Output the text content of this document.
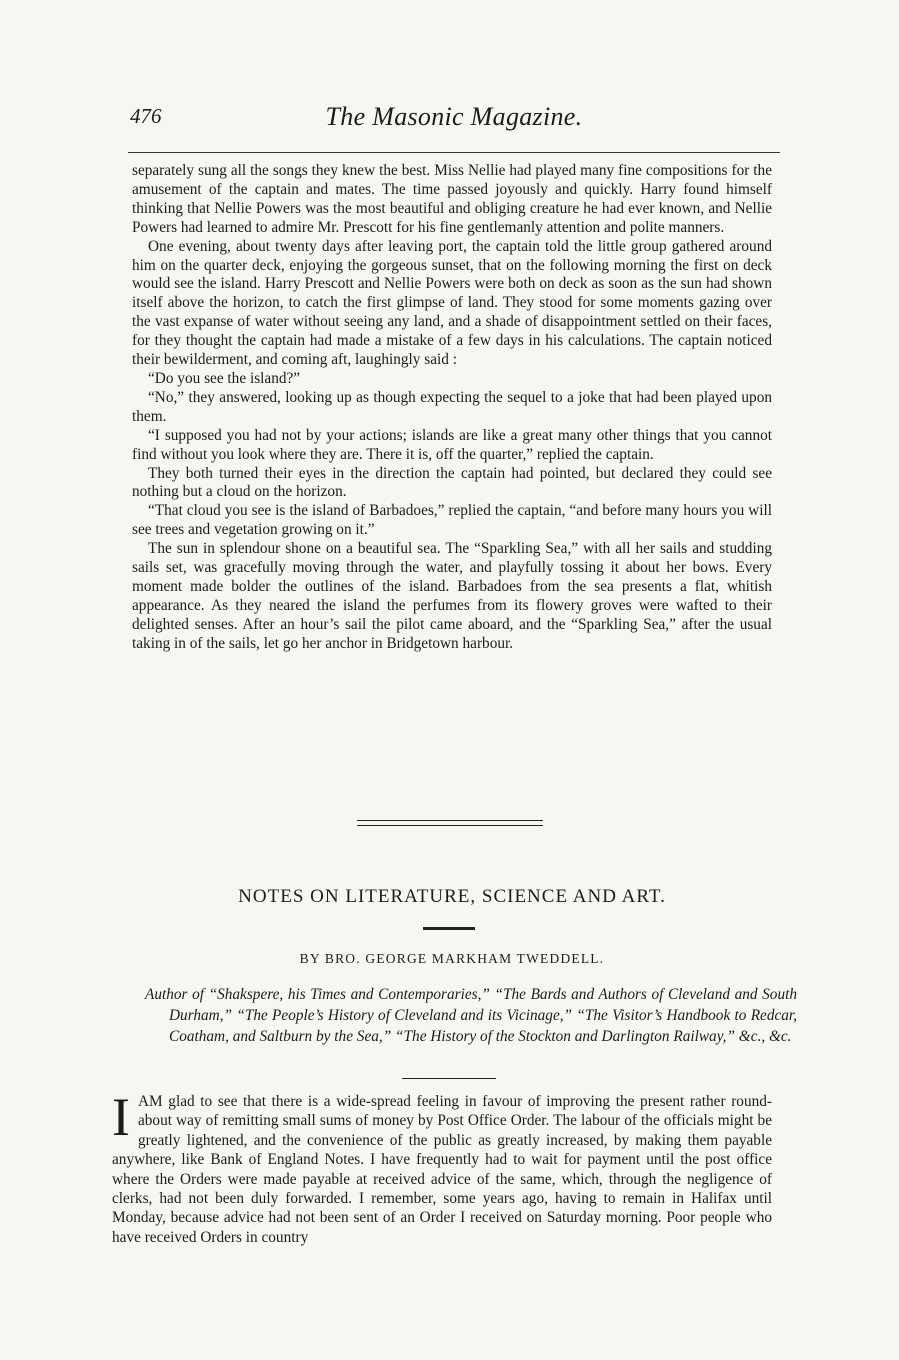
476	The Masonic Magazine.

separately sung all the songs they knew the best. Miss Nellie had played many fine compositions for the amusement of the captain and mates. The time passed joyously and quickly. Harry found himself thinking that Nellie Powers was the most beautiful and obliging creature he had ever known, and Nellie Powers had learned to admire Mr. Prescott for his fine gentlemanly attention and polite manners.

One evening, about twenty days after leaving port, the captain told the little group gathered around him on the quarter deck, enjoying the gorgeous sunset, that on the following morning the first on deck would see the island. Harry Prescott and Nellie Powers were both on deck as soon as the sun had shown itself above the horizon, to catch the first glimpse of land. They stood for some moments gazing over the vast expanse of water without seeing any land, and a shade of disappointment settled on their faces, for they thought the captain had made a mistake of a few days in his calculations. The captain noticed their bewilderment, and coming aft, laughingly said :

“Do you see the island?”

“No,” they answered, looking up as though expecting the sequel to a joke that had been played upon them.

“I supposed you had not by your actions; islands are like a great many other things that you cannot find without you look where they are. There it is, off the quarter,” replied the captain.

They both turned their eyes in the direction the captain had pointed, but declared they could see nothing but a cloud on the horizon.

“That cloud you see is the island of Barbadoes,” replied the captain, “and before many hours you will see trees and vegetation growing on it.”

The sun in splendour shone on a beautiful sea. The “Sparkling Sea,” with all her sails and studding sails set, was gracefully moving through the water, and playfully tossing it about her bows. Every moment made bolder the outlines of the island. Barbadoes from the sea presents a flat, whitish appearance. As they neared the island the perfumes from its flowery groves were wafted to their delighted senses. After an hour’s sail the pilot came aboard, and the “Sparkling Sea,” after the usual taking in of the sails, let go her anchor in Bridgetown harbour.

NOTES ON LITERATURE, SCIENCE AND ART.
BY BRO. GEORGE MARKHAM TWEDDELL.
Author of “Shakspere, his Times and Contemporaries,” “The Bards and Authors of Cleveland and South Durham,” “The People’s History of Cleveland and its Vicinage,” “The Visitor’s Handbook to Redcar, Coatham, and Saltburn by the Sea,” “The History of the Stockton and Darlington Railway,” &c., &c.
I AM glad to see that there is a wide-spread feeling in favour of improving the present rather round-about way of remitting small sums of money by Post Office Order. The labour of the officials might be greatly lightened, and the convenience of the public as greatly increased, by making them payable anywhere, like Bank of England Notes. I have frequently had to wait for payment until the post office where the Orders were made payable at received advice of the same, which, through the negligence of clerks, had not been duly forwarded. I remember, some years ago, having to remain in Halifax until Monday, because advice had not been sent of an Order I received on Saturday morning. Poor people who have received Orders in country
